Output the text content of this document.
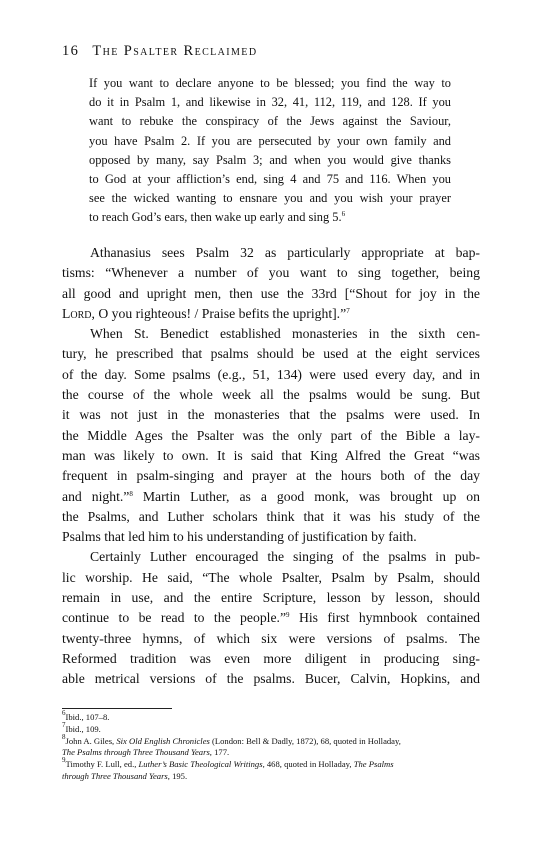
16 The Psalter Reclaimed
If you want to declare anyone to be blessed; you find the way to
do it in Psalm 1, and likewise in 32, 41, 112, 119, and 128. If you
want to rebuke the conspiracy of the Jews against the Saviour,
you have Psalm 2. If you are persecuted by your own family and
opposed by many, say Psalm 3; and when you would give thanks
to God at your affliction’s end, sing 4 and 75 and 116. When you
see the wicked wanting to ensnare you and you wish your prayer
to reach God’s ears, then wake up early and sing 5.$^6$
Athanasius sees Psalm 32 as particularly appropriate at bap-
tisms: “Whenever a number of you want to sing together, being
all good and upright men, then use the 33rd [“Shout for joy in the
Lord, O you righteous! / Praise befits the upright].”$^7$
When St. Benedict established monasteries in the sixth cen-
tury, he prescribed that psalms should be used at the eight services
of the day. Some psalms (e.g., 51, 134) were used every day, and in
the course of the whole week all the psalms would be sung. But
it was not just in the monasteries that the psalms were used. In
the Middle Ages the Psalter was the only part of the Bible a lay-
man was likely to own. It is said that King Alfred the Great “was
frequent in psalm-singing and prayer at the hours both of the day
and night.”$^8$ Martin Luther, as a good monk, was brought up on
the Psalms, and Luther scholars think that it was his study of the
Psalms that led him to his understanding of justification by faith.
Certainly Luther encouraged the singing of the psalms in pub-
lic worship. He said, “The whole Psalter, Psalm by Psalm, should
remain in use, and the entire Scripture, lesson by lesson, should
continue to be read to the people.”$^9$ His first hymnbook contained
twenty-three hymns, of which six were versions of psalms. The
Reformed tradition was even more diligent in producing sing-
able metrical versions of the psalms. Bucer, Calvin, Hopkins, and
$^6$Ibid., 107–8.
$^7$Ibid., 109.
$^8$John A. Giles, Six Old English Chronicles (London: Bell & Dadly, 1872), 68, quoted in Holladay,
The Psalms through Three Thousand Years, 177.
$^9$Timothy F. Lull, ed., Luther’s Basic Theological Writings, 468, quoted in Holladay, The Psalms
through Three Thousand Years, 195.
